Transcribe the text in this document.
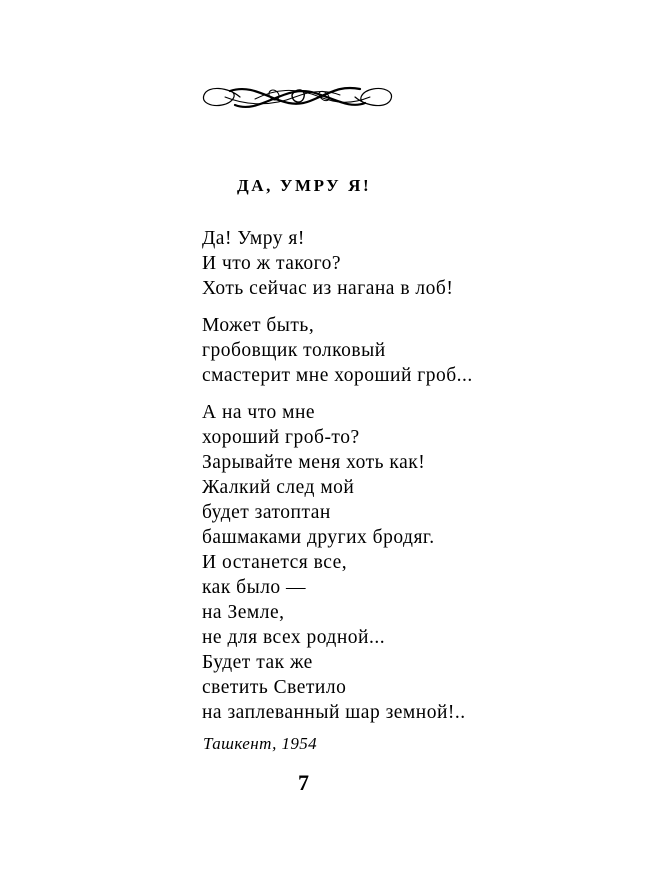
ДА, УМРУ Я!
Да! Умру я!
И что ж такого?
Хоть сейчас из нагана в лоб!
Может быть,
гробовщик толковый
смастерит мне хороший гроб...
А на что мне
хороший гроб-то?
Зарывайте меня хоть как!
Жалкий след мой
будет затоптан
башмаками других бродяг.
И останется все,
как было —
на Земле,
не для всех родной...
Будет так же
светить Светило
на заплеванный шар земной!..
Ташкент, 1954
7
